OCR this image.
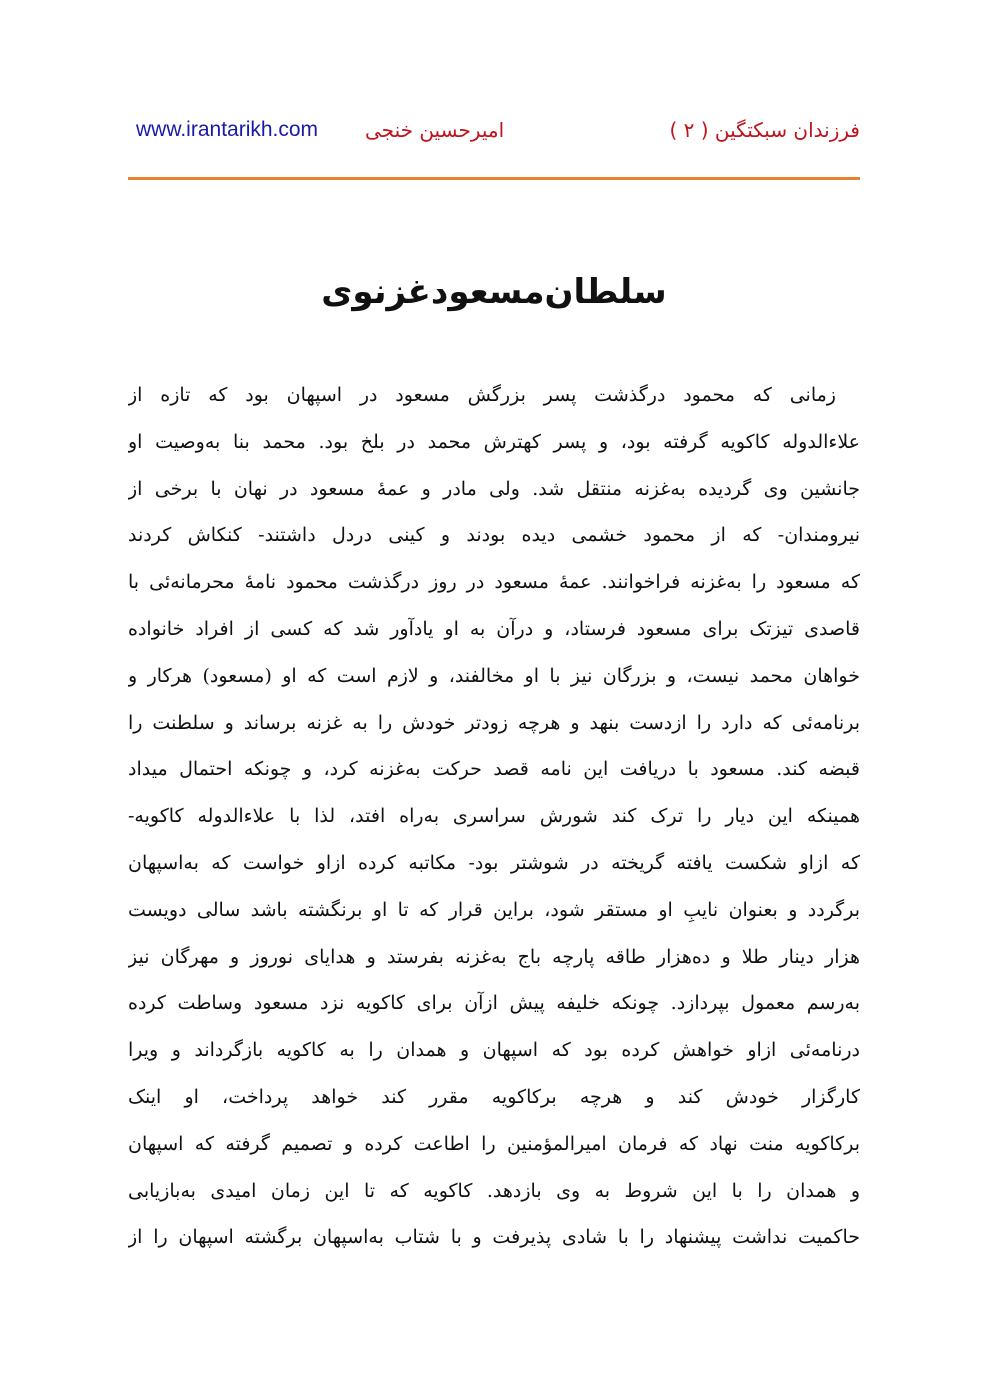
فرزندان سبکتگین ( ۲ )
امیرحسین خنجی
www.irantarikh.com
سلطان‌مسعود‌غزنوی
زمانی که محمود درگذشت پسر بزرگش مسعود در اسپهان بود که تازه از
علاءالدوله کاکویه گرفته بود، و پسر کهترش محمد در بلخ بود. محمد بنا به‌وصیت او
جانشین وی گردیده به‌غزنه منتقل شد. ولی مادر و عمۀ مسعود در نهان با برخی از
نیرومندان- که از محمود خشمی دیده بودند و کینی دردل داشتند- کنکاش کردند
که مسعود را به‌غزنه فراخوانند. عمۀ مسعود در روز درگذشت محمود نامۀ محرمانه‌ئی با
قاصدی تیزتک برای مسعود فرستاد، و درآن به او یادآور شد که کسی از افراد خانواده
خواهان محمد نیست، و بزرگان نیز با او مخالفند، و لازم است که او (مسعود) هرکار و
برنامه‌ئی که دارد را ازدست بنهد و هرچه زودتر خودش را به غزنه برساند و سلطنت را
قبضه کند. مسعود با دریافت این نامه قصد حرکت به‌غزنه کرد، و چونکه احتمال میداد
همینکه این دیار را ترک کند شورش سراسری به‌راه افتد، لذا با علاءالدوله کاکویه-
که ازاو شکست یافته گریخته در شوشتر بود- مکاتبه کرده ازاو خواست که به‌اسپهان
برگردد و بعنوان نایبِ او مستقر شود، براین قرار که تا او برنگشته باشد سالی دویست
هزار دینار طلا و ده‌هزار طاقه پارچه باج به‌غزنه بفرستد و هدایای نوروز و مهرگان نیز
به‌رسم معمول بپردازد. چونکه خلیفه پیش ازآن برای کاکویه نزد مسعود وساطت کرده
درنامه‌ئی ازاو خواهش کرده بود که اسپهان و همدان را به کاکویه بازگرداند و ویرا
کارگزار خودش کند و هرچه برکاکویه مقرر کند خواهد پرداخت، او اینک
برکاکویه منت نهاد که فرمان امیرالمؤمنین را اطاعت کرده و تصمیم گرفته که اسپهان
و همدان را با این شروط به وی بازدهد. کاکویه که تا این زمان امیدی به‌بازیابی
حاکمیت نداشت پیشنهاد را با شادی پذیرفت و با شتاب به‌اسپهان برگشته اسپهان را از
